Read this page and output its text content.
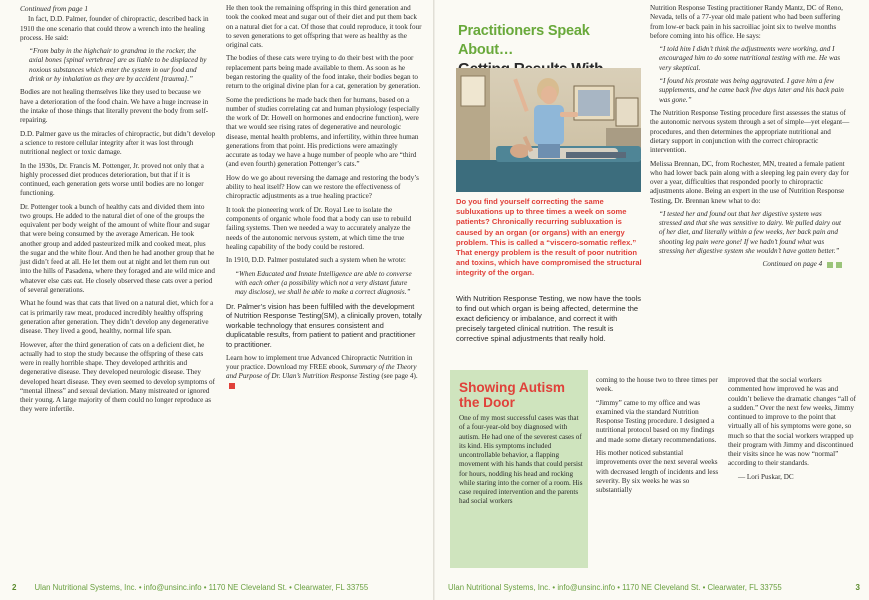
Continued from page 1

In fact, D.D. Palmer, founder of chiropractic, described back in 1910 the one scenario that could throw a wrench into the healing process. He said:

“From baby in the highchair to grandma in the rocker, the axial bones [spinal vertebrae] are as liable to be displaced by noxious substances which enter the system in our food and drink or by inhalation as they are by accident [trauma].”

Bodies are not healing themselves like they used to because we have a deterioration of the food chain. We have a huge increase in the intake of those things that literally prevent the body from self-repairing.

D.D. Palmer gave us the miracles of chiropractic, but didn’t develop a science to restore cellular integrity after it was lost through nutritional neglect or toxic damage.

In the 1930s, Dr. Francis M. Pottenger, Jr. proved not only that a highly processed diet produces deterioration, but that if it is continued, each generation gets worse until bodies are no longer functioning.

Dr. Pottenger took a bunch of healthy cats and divided them into two groups. He added to the natural diet of one of the groups the equivalent per body weight of the amount of white flour and sugar that were being consumed by the average American. He took another group and added pasteurized milk and cooked meat, plus the sugar and the white flour. And then he had another group that he just didn’t feed at all. He let them out at night and let them run out into the hills of Pasadena, where they foraged and ate wild mice and whatever else cats eat. He closely observed these cats over a period of several generations.

What he found was that cats that lived on a natural diet, which for a cat is primarily raw meat, produced incredibly healthy offspring generation after generation. They didn’t develop any degenerative disease. They lived a good, healthy, normal life span.

However, after the third generation of cats on a deficient diet, he actually had to stop the study because the offspring of these cats were in really horrible shape. They developed arthritis and degenerative disease. They developed neurologic disease. They developed heart disease. They even seemed to develop symptoms of “mental illness” and sexual deviation. Many mistreated or ignored their young. A large majority of them could no longer reproduce as they were infertile.

He then took the remaining offspring in this third generation and took the cooked meat and sugar out of their diet and put them back on a natural diet for a cat. Of those that could reproduce, it took four to seven generations to get offspring that were as healthy as the original cats.

The bodies of these cats were trying to do their best with the poor replacement parts being made available to them. As soon as he began restoring the quality of the food intake, their bodies began to return to the original divine plan for a cat, generation by generation.

Some the predictions he made back then for humans, based on a number of studies correlating cat and human physiology (especially the work of Dr. Howell on hormones and endocrine function), were that we would see rising rates of degenerative and neurologic disease, mental health problems, and infertility, within three human generations from that point. His predictions were amazingly accurate as today we have a huge number of people who are “third (and even fourth) generation Pottenger’s cats.”

How do we go about reversing the damage and restoring the body’s ability to heal itself? How can we restore the effectiveness of chiropractic adjustments as a true healing practice?

It took the pioneering work of Dr. Royal Lee to isolate the components of organic whole food that a body can use to rebuild failing systems. Then we needed a way to accurately analyze the needs of the autonomic nervous system, at which time the true healing capability of the body could be restored.

In 1910, D.D. Palmer postulated such a system when he wrote:

“When Educated and Innate Intelligence are able to converse with each other (a possibility which not a very distant future may disclose), we shall be able to make a correct diagnosis.”

Dr. Palmer’s vision has been fulfilled with the development of Nutrition Response Testing(SM), a clinically proven, totally workable technology that ensures consistent and duplicatable results, from patient to patient and practitioner to practitioner.

Learn how to implement true Advanced Chiropractic Nutrition in your practice. Download my FREE ebook, Summary of the Theory and Purpose of Dr. Ulan’s Nutrition Response Testing (see page 4).

2 Ulan Nutritional Systems, Inc. • info@unsinc.info • 1170 NE Cleveland St. • Clearwater, FL 33755
Practitioners Speak About…
Do you find yourself correcting the same subluxations up to three times a week on some patients? Chronically recurring subluxation is caused by an organ (or organs) with an energy problem. This is called a “viscero-somatic reflex.” That energy problem is the result of poor nutrition and toxins, which have compromised the structural integrity of the organ.

With Nutrition Response Testing, we now have the tools to find out which organ is being affected, determine the exact deficiency or imbalance, and correct it with precisely targeted clinical nutrition. The result is corrective spinal adjustments that really hold.

Nutrition Response Testing practitioner Randy Mantz, DC of Reno, Nevada, tells of a 77-year old male patient who had been suffering from low-er back pain in his sacroiliac joint six to twelve months before coming into his office. He says:

“I told him I didn’t think the adjustments were working, and I encouraged him to do some nutritional testing with me. He was very skeptical.

“I found his prostate was being aggravated. I gave him a few supplements, and he came back five days later and his back pain was gone.”

The Nutrition Response Testing procedure first assesses the status of the autonomic nervous system through a set of simple—yet elegant—procedures, and then determines the appropriate nutritional and dietary support in conjunction with the correct chiropractic intervention.

Melissa Brennan, DC, from Rochester, MN, treated a female patient who had lower back pain along with a sleeping leg pain every day for over a year, difficulties that responded poorly to chiropractic adjustments alone. Being an expert in the use of Nutrition Response Testing, Dr. Brennan knew what to do:

“I tested her and found out that her digestive system was stressed and that she was sensitive to dairy. We pulled dairy out of her diet, and literally within a few weeks, her back pain and shooting leg pain were gone! If we hadn’t found what was stressing her digestive system she wouldn’t have gotten better.”

Continued on page 4

Showing Autism
the Door

One of my most successful cases was that of a four-year-old boy diagnosed with autism. He had one of the severest cases of its kind. His symptoms included uncontrollable behavior, a flapping movement with his hands that could persist for hours, nodding his head and rocking while staring into the corner of a room. His case required intervention and the parents had social workers

coming to the house two to three times per week.

“Jimmy” came to my office and was examined via the standard Nutrition Response Testing procedure. I designed a nutritional protocol based on my findings and made some dietary recommendations.

His mother noticed substantial improvements over the next several weeks with decreased length of incidents and less severity. By six weeks he was so substantially

improved that the social workers commented how improved he was and couldn’t believe the dramatic changes “all of a sudden.” Over the next few weeks, Jimmy continued to improve to the point that virtually all of his symptoms were gone, so much so that the social workers wrapped up their program with Jimmy and discontinued their visits since he was now “normal” according to their standards.

— Lori Puskar, DC

Ulan Nutritional Systems, Inc. • info@unsinc.info • 1170 NE Cleveland St. • Clearwater, FL 33755	3
